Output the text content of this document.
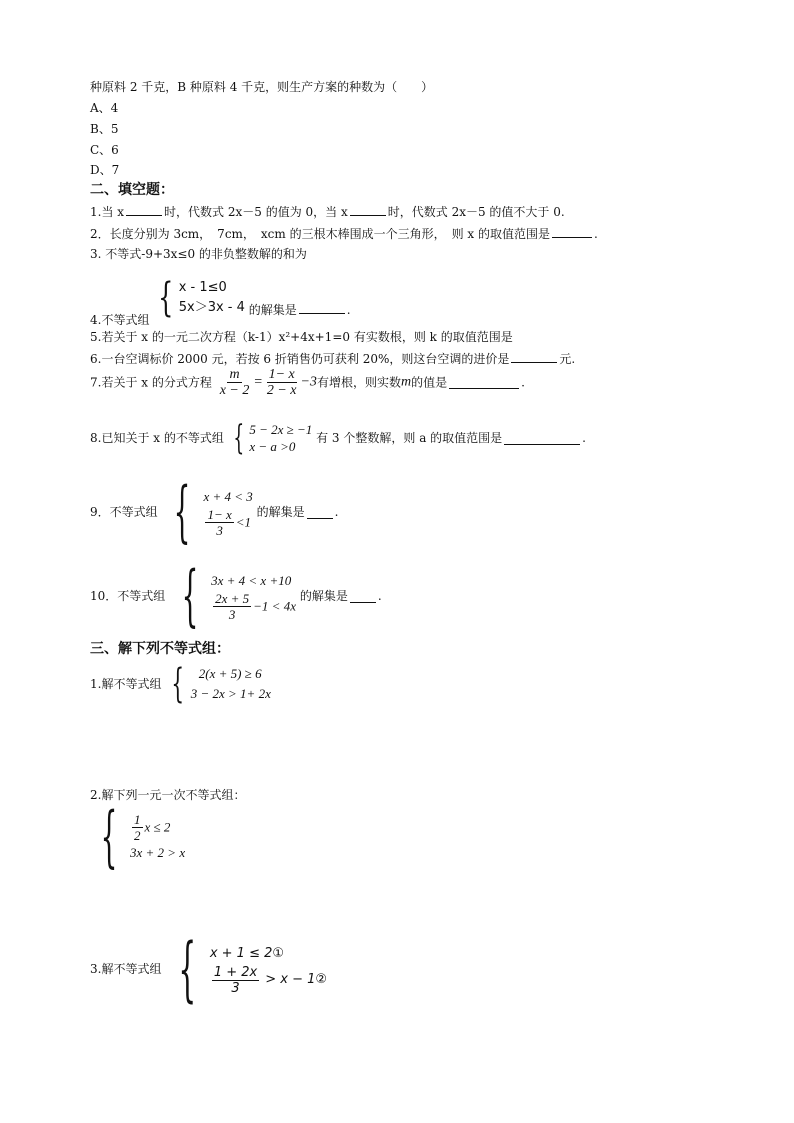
种原料 2 千克，B 种原料 4 千克，则生产方案的种数为（　　）
A、4
B、5
C、6
D、7
二、填空题：
1.当 x	时，代数式 2x－5 的值为 0，当 x	时，代数式 2x－5 的值不大于 0.
2．长度分别为 3cm，　7cm，　xcm 的三根木棒围成一个三角形，　则 x 的取值范围是	.
3. 不等式-9+3x≤0 的非负整数解的和为
4.不等式组 { x - 1≤0
5x＞3x - 4 的解集是	.
5.若关于 x 的一元二次方程（k-1）x²+4x+1=0 有实数根，则 k 的取值范围是
6.一台空调标价 2000 元，若按 6 折销售仍可获利 20%，则这台空调的进价是	元.
7.若关于 x 的分式方程 $\frac{m}{x - 2} = \frac{1- x}{2 - x} -3$有增根，则实数m的值是	.
8.已知关于 x 的不等式组 { 5 − 2x ≥ −1
x − a >0
有 3 个整数解，则 a 的取值范围是	.
9．不等式组 { x + 4 < 3
$\frac{1- x}{3} <1$
的解集是	.
10．不等式组 { 3x + 4 < x +10
$\frac{2x + 5}{3} -1 < 4x$
的解集是	.
三、解下列不等式组：
1.解不等式组 {	2(x + 5) ≥ 6
3 − 2x > 1+ 2x
2.解下列一元一次不等式组：
{ $\frac{1}{2}$ x ≤ 2
3x + 2 > x
3.解不等式组 { x + 1 ≤ 2①
$\frac{1 + 2x}{3} > x$ − 1②
